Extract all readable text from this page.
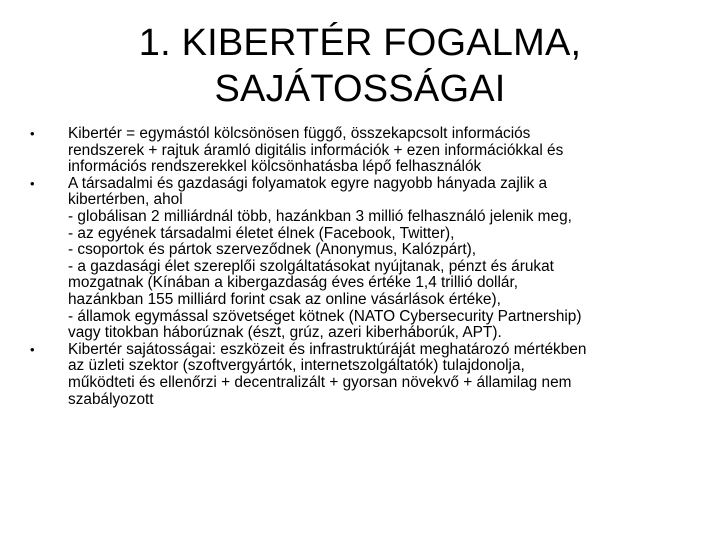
1. KIBERTÉR FOGALMA,
SAJÁTOSSÁGAI
•	Kibertér = egymástól kölcsönösen függő, összekapcsolt információs
rendszerek + rajtuk áramló digitális információk + ezen információkkal és
információs rendszerekkel kölcsönhatásba lépő felhasználók
•	A társadalmi és gazdasági folyamatok egyre nagyobb hányada zajlik a
kibertérben, ahol
- globálisan 2 milliárdnál több, hazánkban 3 millió felhasználó jelenik meg,
- az egyének társadalmi életet élnek (Facebook, Twitter),
- csoportok és pártok szerveződnek (Anonymus, Kalózpárt),
- a gazdasági élet szereplői szolgáltatásokat nyújtanak, pénzt és árukat
mozgatnak (Kínában a kibergazdaság éves értéke 1,4 trillió dollár,
hazánkban 155 milliárd forint csak az online vásárlások értéke),
- államok egymással szövetséget kötnek (NATO Cybersecurity Partnership)
vagy titokban háborúznak (észt, grúz, azeri kiberháborúk, APT).
•	Kibertér sajátosságai: eszközeit és infrastruktúráját meghatározó mértékben
az üzleti szektor (szoftvergyártók, internetszolgáltatók) tulajdonolja,
működteti és ellenőrzi + decentralizált + gyorsan növekvő + államilag nem
szabályozott
